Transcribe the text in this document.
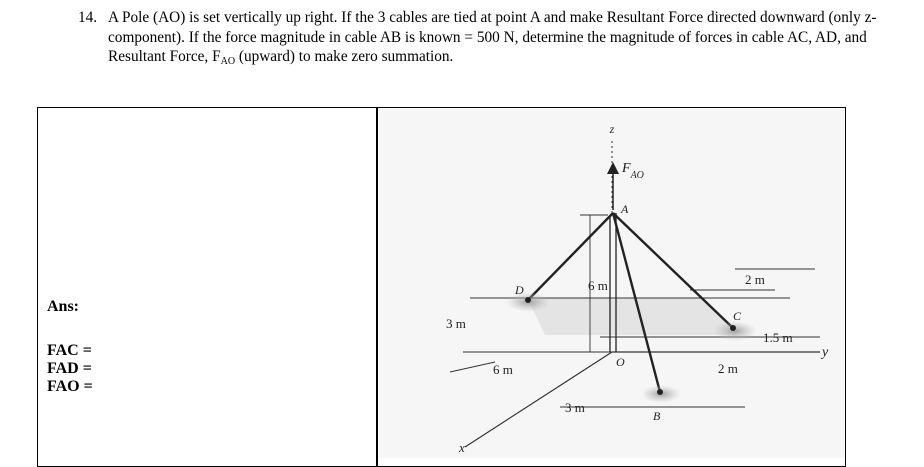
14. A Pole (AO) is set vertically up right. If the 3 cables are tied at point A and make Resultant Force directed downward (only z-component). If the force magnitude in cable AB is known = 500 N, determine the magnitude of forces in cable AC, AD, and Resultant Force, $F_{AO}$ (upward) to make zero summation.
Ans:
FAC =
FAD =
FAO =
z
y
x
$F_{AO}$
A
B
C
D
O
6 m
3 m
6 m
3 m
2 m
1.5 m
2 m
